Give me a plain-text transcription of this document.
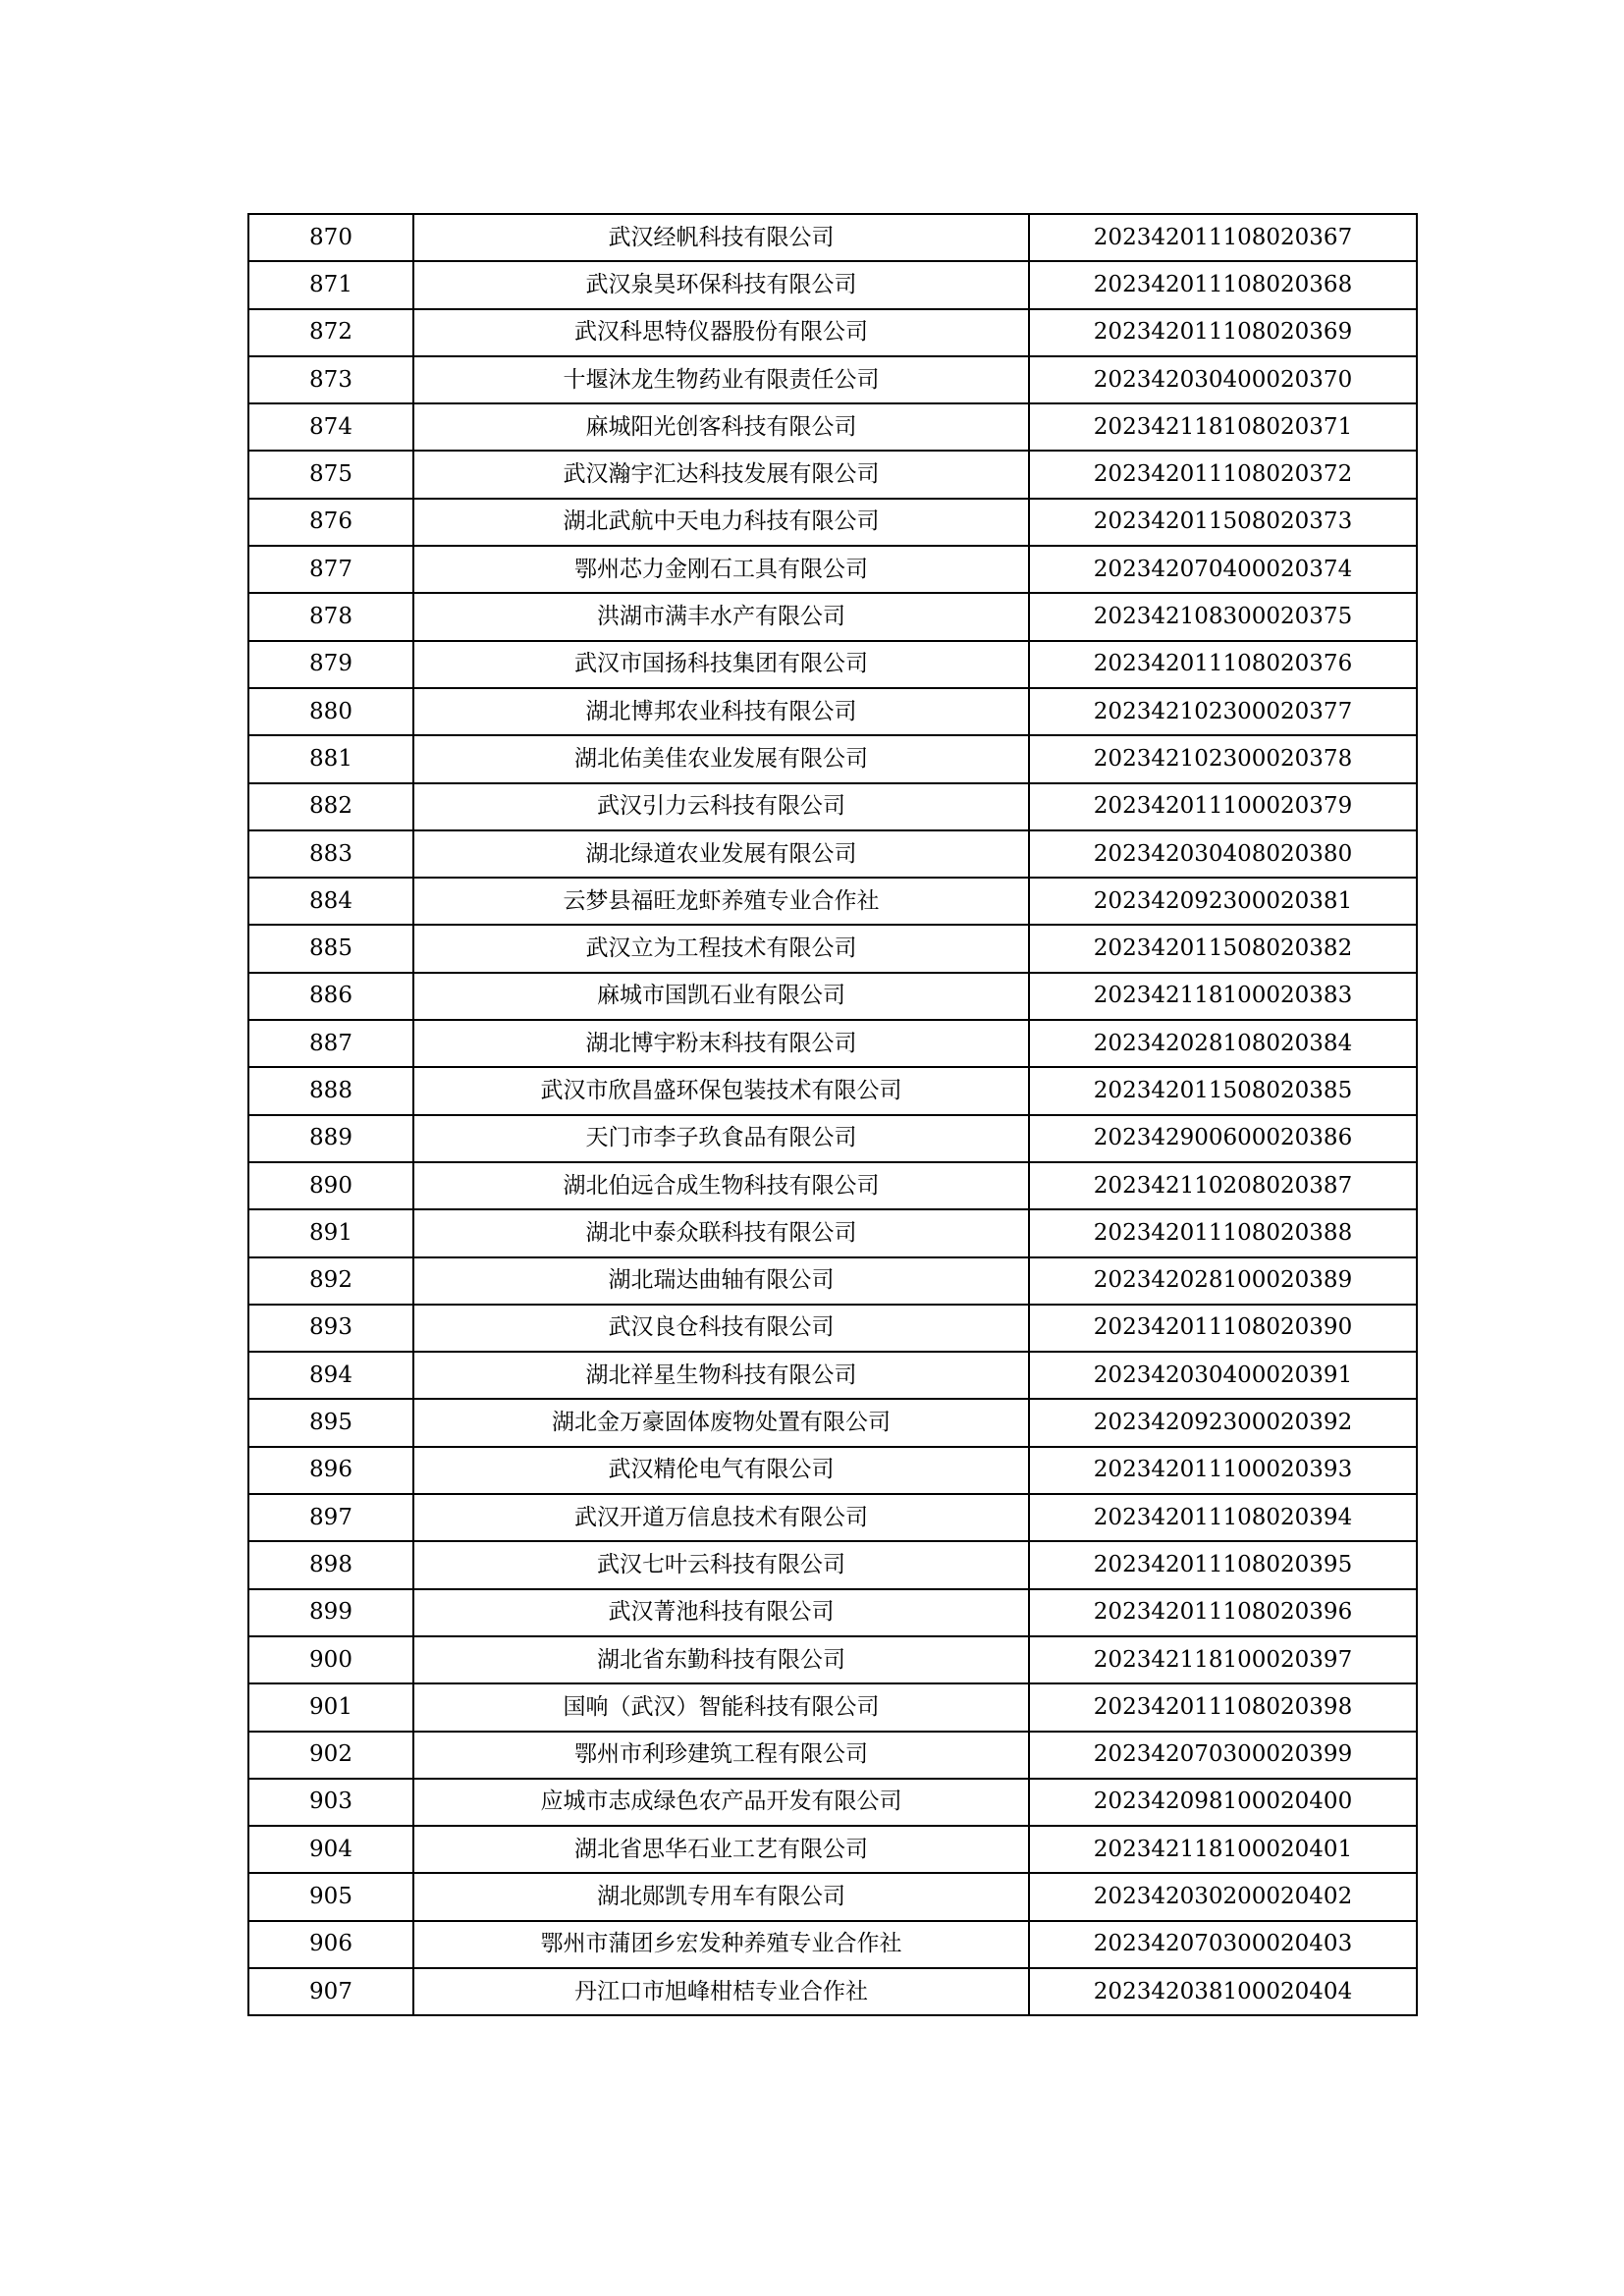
870	武汉经帆科技有限公司	202342011108020367
871	武汉泉昊环保科技有限公司	202342011108020368
872	武汉科思特仪器股份有限公司	202342011108020369
873	十堰沐龙生物药业有限责任公司	202342030400020370
874	麻城阳光创客科技有限公司	202342118108020371
875	武汉瀚宇汇达科技发展有限公司	202342011108020372
876	湖北武航中天电力科技有限公司	202342011508020373
877	鄂州芯力金刚石工具有限公司	202342070400020374
878	洪湖市满丰水产有限公司	202342108300020375
879	武汉市国扬科技集团有限公司	202342011108020376
880	湖北博邦农业科技有限公司	202342102300020377
881	湖北佑美佳农业发展有限公司	202342102300020378
882	武汉引力云科技有限公司	202342011100020379
883	湖北绿道农业发展有限公司	202342030408020380
884	云梦县福旺龙虾养殖专业合作社	202342092300020381
885	武汉立为工程技术有限公司	202342011508020382
886	麻城市国凯石业有限公司	202342118100020383
887	湖北博宇粉末科技有限公司	202342028108020384
888	武汉市欣昌盛环保包装技术有限公司	202342011508020385
889	天门市李子玖食品有限公司	202342900600020386
890	湖北伯远合成生物科技有限公司	202342110208020387
891	湖北中泰众联科技有限公司	202342011108020388
892	湖北瑞达曲轴有限公司	202342028100020389
893	武汉良仓科技有限公司	202342011108020390
894	湖北祥星生物科技有限公司	202342030400020391
895	湖北金万豪固体废物处置有限公司	202342092300020392
896	武汉精伦电气有限公司	202342011100020393
897	武汉开道万信息技术有限公司	202342011108020394
898	武汉七叶云科技有限公司	202342011108020395
899	武汉菁池科技有限公司	202342011108020396
900	湖北省东勤科技有限公司	202342118100020397
901	国响（武汉）智能科技有限公司	202342011108020398
902	鄂州市利珍建筑工程有限公司	202342070300020399
903	应城市志成绿色农产品开发有限公司	202342098100020400
904	湖北省思华石业工艺有限公司	202342118100020401
905	湖北郧凯专用车有限公司	202342030200020402
906	鄂州市蒲团乡宏发种养殖专业合作社	202342070300020403
907	丹江口市旭峰柑桔专业合作社	202342038100020404
